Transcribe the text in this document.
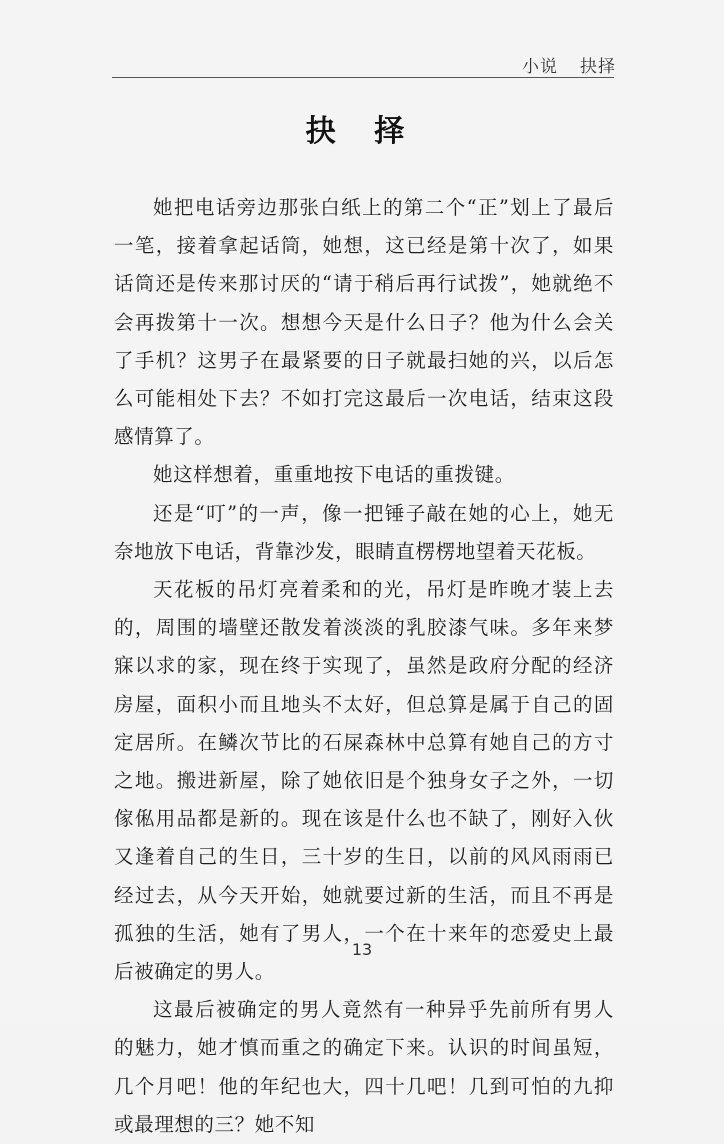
小说 抉择
抉 择

她把电话旁边那张白纸上的第二个“正”划上了最后一笔，接着拿起话筒，她想，这已经是第十次了，如果话筒还是传来那讨厌的“请于稍后再行试拨”，她就绝不会再拨第十一次。想想今天是什么日子？他为什么会关了手机？这男子在最紧要的日子就最扫她的兴，以后怎么可能相处下去？不如打完这最后一次电话，结束这段感情算了。

她这样想着，重重地按下电话的重拨键。

还是“叮”的一声，像一把锤子敲在她的心上，她无奈地放下电话，背靠沙发，眼睛直楞楞地望着天花板。

天花板的吊灯亮着柔和的光，吊灯是昨晚才装上去的，周围的墙壁还散发着淡淡的乳胶漆气味。多年来梦寐以求的家，现在终于实现了，虽然是政府分配的经济房屋，面积小而且地头不太好，但总算是属于自己的固定居所。在鳞次节比的石屎森林中总算有她自己的方寸之地。搬进新屋，除了她依旧是个独身女子之外，一切傢俬用品都是新的。现在该是什么也不缺了，刚好入伙又逢着自己的生日，三十岁的生日，以前的风风雨雨已经过去，从今天开始，她就要过新的生活，而且不再是孤独的生活，她有了男人，一个在十来年的恋爱史上最后被确定的男人。

这最后被确定的男人竟然有一种异乎先前所有男人的魅力，她才慎而重之的确定下来。认识的时间虽短，几个月吧！他的年纪也大，四十几吧！几到可怕的九抑或最理想的三？她不知

13
